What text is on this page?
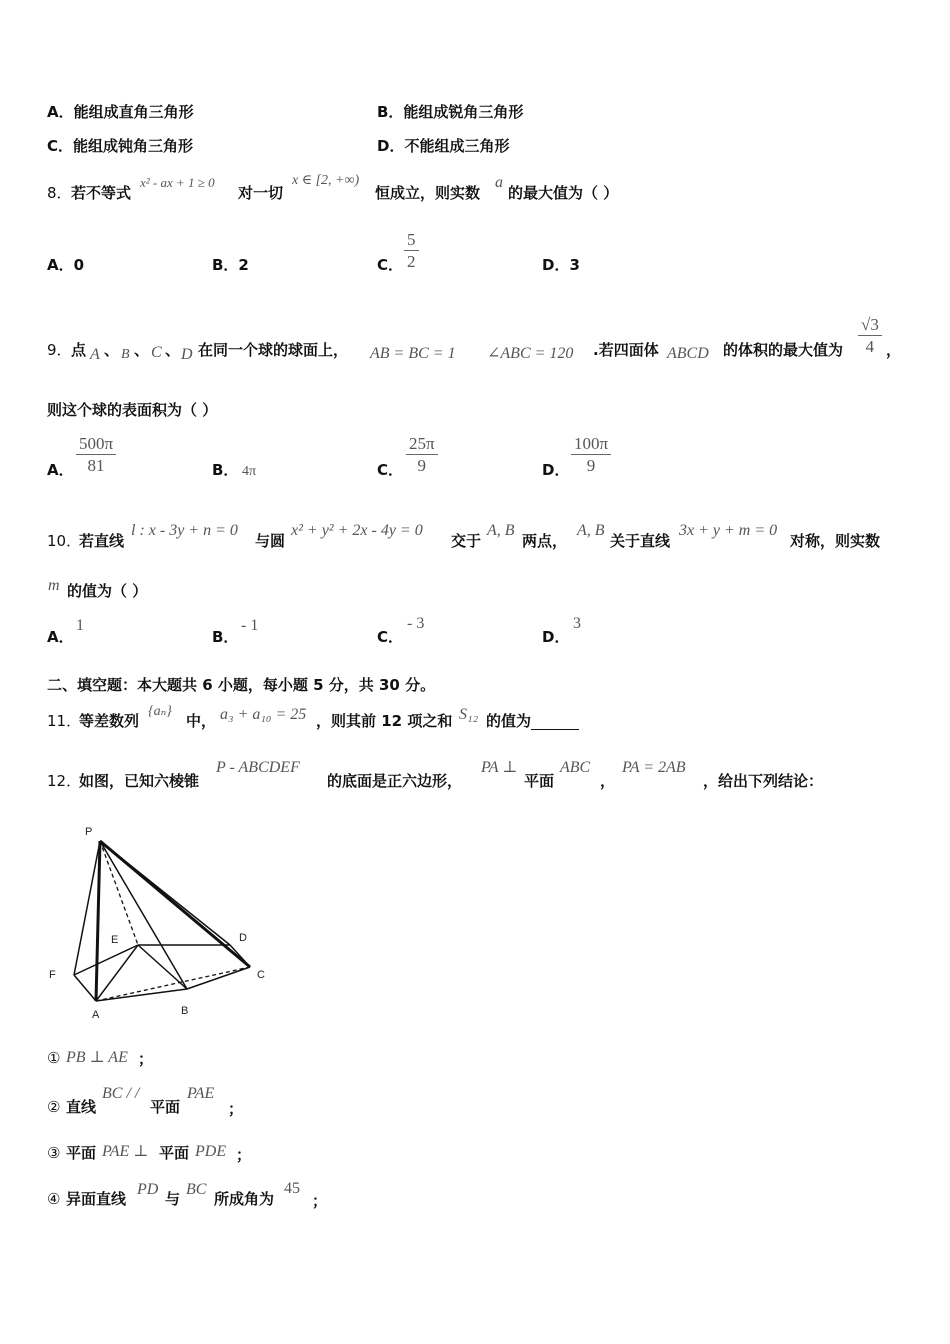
A．能组成直角三角形	B．能组成锐角三角形
C．能组成钝角三角形	D．不能组成三角形
8． 若不等式
x² - ax + 1 ≥ 0
对一切
x ∈ [2, +∞)
恒成立，则实数
a
的最大值为（ ）
A．0	B．2	C．
5
2	D．3
9． 点 A 、 B 、 C 、 D 在同一个球的球面上， AB = BC = 1 ∠ABC = 120 .若四面体 ABCD 的体积的最大值为
√3
4 ，
则这个球的表面积为（ ）
A．
500π
81	B． 4π	C．
25π
9	D．
100π
9
10．
若直线
l : x - 3y + n = 0
与圆
x² + y² + 2x - 4y = 0
交于
A, B
两点，
A, B
关于直线
3x + y + m = 0
对称，则实数
m 的值为（ ）
A．
1
B．
- 1
C．
- 3
D．
3
二、填空题：本大题共 6 小题，每小题 5 分，共 30 分。
11．
等差数列
{aₙ}
中， a₃ + a₁₀ = 25 ，则其前 12 项之和 S₁₂ 的值为
12．
如图，已知六棱锥
P - ABCDEF
的底面是正六边形，
PA ⊥
平面
ABC
，
PA = 2AB
，给出下列结论：
P
E	D
F	C
A	B
① PB ⊥ AE ；
② 直线
BC / /
平面
PAE
；
③ 平面 PAE ⊥ 平面 PDE ；
④ 异面直线
PD
与
BC
所成角为
45
；
